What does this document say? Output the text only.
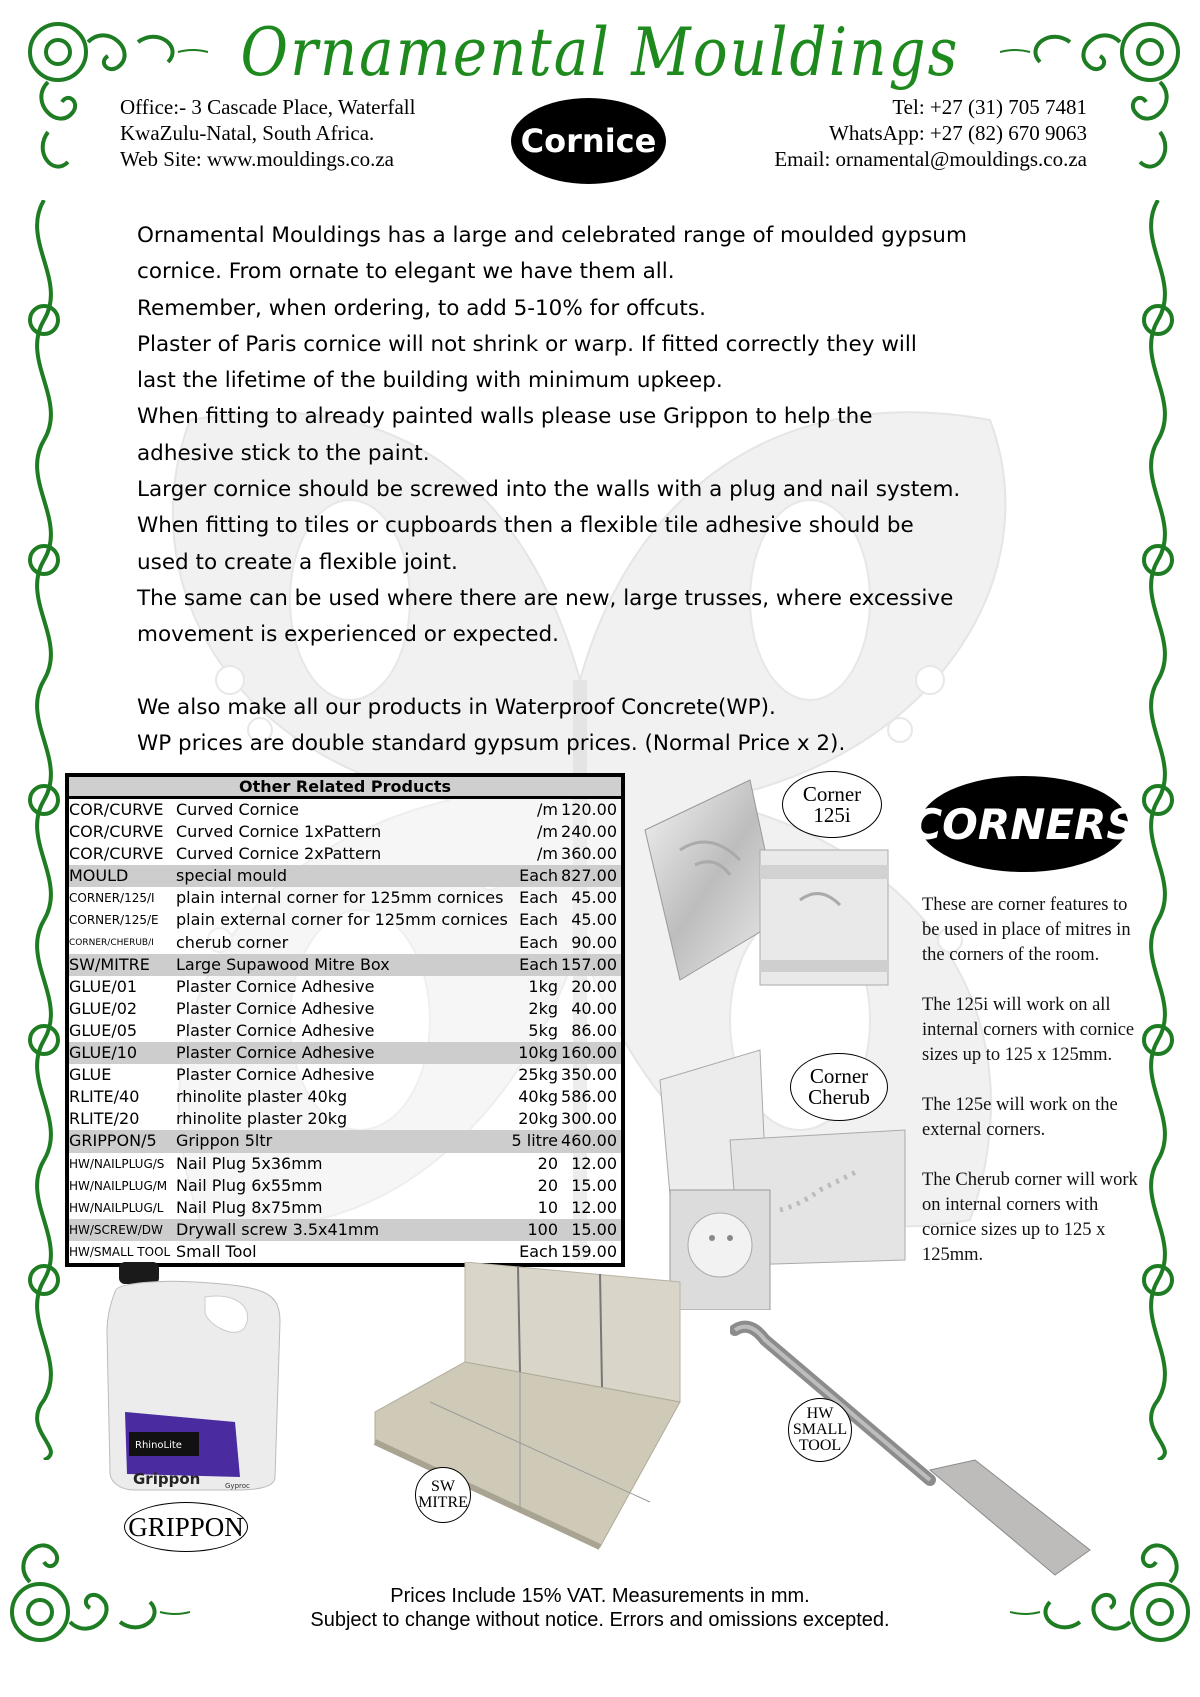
Ornamental Mouldings
Office:- 3 Cascade Place, Waterfall
KwaZulu-Natal, South Africa.
Web Site: www.mouldings.co.za	Cornice
Tel: +27 (31) 705 7481
WhatsApp: +27 (82) 670 9063
Email: ornamental@mouldings.co.za

Ornamental Mouldings has a large and celebrated range of moulded gypsum

cornice. From ornate to elegant we have them all.

Remember, when ordering, to add 5-10% for offcuts.

Plaster of Paris cornice will not shrink or warp. If fitted correctly they will

last the lifetime of the building with minimum upkeep.

When fitting to already painted walls please use Grippon to help the

adhesive stick to the paint.

Larger cornice should be screwed into the walls with a plug and nail system.

When fitting to tiles or cupboards then a flexible tile adhesive should be

used to create a flexible joint.

The same can be used where there are new, large trusses, where excessive

movement is experienced or expected.

We also make all our products in Waterproof Concrete(WP).

WP prices are double standard gypsum prices. (Normal Price x 2).

Other Related Products
COR/CURVE Curved Cornice	/m 120.00
COR/CURVE Curved Cornice 1xPattern	/m 240.00
COR/CURVE Curved Cornice 2xPattern	/m 360.00
MOULD	special mould	Each 827.00
CORNER/125/I	plain internal corner for 125mm cornices Each 45.00
CORNER/125/E	plain external corner for 125mm cornices Each 45.00
CORNER/CHERUB/I	cherub corner	Each 90.00
SW/MITRE	Large Supawood Mitre Box	Each 157.00
GLUE/01	Plaster Cornice Adhesive	1kg 20.00
GLUE/02	Plaster Cornice Adhesive	2kg 40.00
GLUE/05	Plaster Cornice Adhesive	5kg 86.00
GLUE/10	Plaster Cornice Adhesive	10kg 160.00
GLUE	Plaster Cornice Adhesive	25kg 350.00
RLITE/40	rhinolite plaster 40kg	40kg 586.00
RLITE/20	rhinolite plaster 20kg	20kg 300.00
GRIPPON/5	Grippon 5ltr	5 litre 460.00
HW/NAILPLUG/S Nail Plug 5x36mm	20 12.00
HW/NAILPLUG/M Nail Plug 6x55mm	20 15.00
HW/NAILPLUG/L Nail Plug 8x75mm	10 12.00
HW/SCREW/DW Drywall screw 3.5x41mm	100 15.00
HW/SMALL TOOL Small Tool	Each 159.00
Corner
125i CORNERS
Corner
Cherub

These are corner features to be used in place of mitres in the corners of the room.

The 125i will work on all internal corners with cornice sizes up to 125 x 125mm.

The 125e will work on the external corners.

The Cherub corner will work on internal corners with cornice sizes up to 125 x 125mm.

RhinoLite
Grippon	Gyproc
GRIPPON
SW
MITRE
HW
SMALL
TOOL
Prices Include 15% VAT. Measurements in mm.
Subject to change without notice. Errors and omissions excepted.
